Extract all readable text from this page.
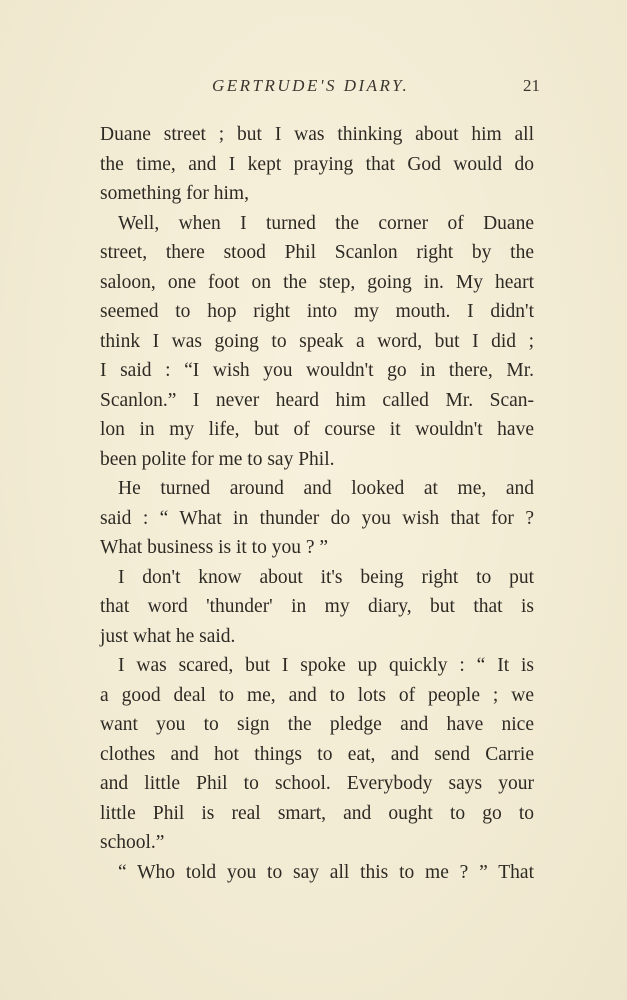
GERTRUDE'S DIARY.	21
Duane street ; but I was thinking about him all
the time, and I kept praying that God would do
something for him,
Well, when I turned the corner of Duane
street, there stood Phil Scanlon right by the
saloon, one foot on the step, going in. My heart
seemed to hop right into my mouth. I didn't
think I was going to speak a word, but I did ;
I said : “I wish you wouldn't go in there, Mr.
Scanlon.” I never heard him called Mr. Scan-
lon in my life, but of course it wouldn't have
been polite for me to say Phil.
He turned around and looked at me, and
said : “ What in thunder do you wish that for ?
What business is it to you ? ”
I don't know about it's being right to put
that word 'thunder' in my diary, but that is
just what he said.
I was scared, but I spoke up quickly : “ It is
a good deal to me, and to lots of people ; we
want you to sign the pledge and have nice
clothes and hot things to eat, and send Carrie
and little Phil to school. Everybody says your
little Phil is real smart, and ought to go to
school.”
“ Who told you to say all this to me ? ” That
